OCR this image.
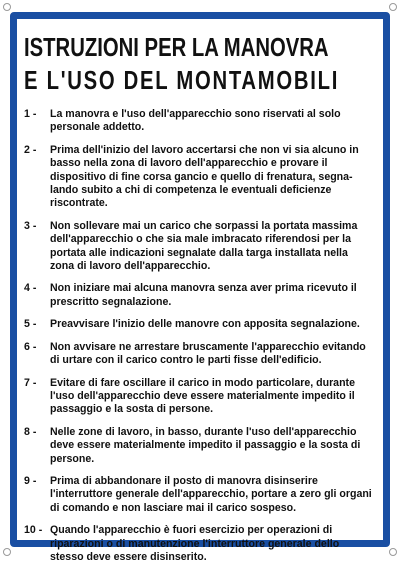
ISTRUZIONI PER LA MANOVRA
E L'USO DEL MONTAMOBILI
1 -	La manovra e l'uso dell'apparecchio sono riservati al solo personale addetto.
2 -	Prima dell'inizio del lavoro accertarsi che non vi sia alcuno in basso nella zona di lavoro dell'apparecchio e provare il dispositivo di fine corsa gancio e quello di frenatura, segna-lando subito a chi di competenza le eventuali deficienze riscontrate.
3 -	Non sollevare mai un carico che sorpassi la portata massima dell'apparecchio o che sia male imbracato riferendosi per la portata alle indicazioni segnalate dalla targa installata nella zona di lavoro dell'apparecchio.
4 -	Non iniziare mai alcuna manovra senza aver prima ricevuto il prescritto segnalazione.
5 -	Preavvisare l'inizio delle manovre con apposita segnalazione.
6 -	Non avvisare ne arrestare bruscamente l'apparecchio evitando di urtare con il carico contro le parti fisse dell'edificio.
7 -	Evitare di fare oscillare il carico in modo particolare, durante l'uso dell'apparecchio deve essere materialmente impedito il passaggio e la sosta di persone.
8 -	Nelle zone di lavoro, in basso, durante l'uso dell'apparecchio deve essere materialmente impedito il passaggio e la sosta di persone.
9 -	Prima di abbandonare il posto di manovra disinserire l'interruttore generale dell'apparecchio, portare a zero gli organi di comando e non lasciare mai il carico sospeso.
10 - Quando l'apparecchio è fuori esercizio per operazioni di riparazioni o di manutenzione l'interruttore generale dello stesso deve essere disinserito.
